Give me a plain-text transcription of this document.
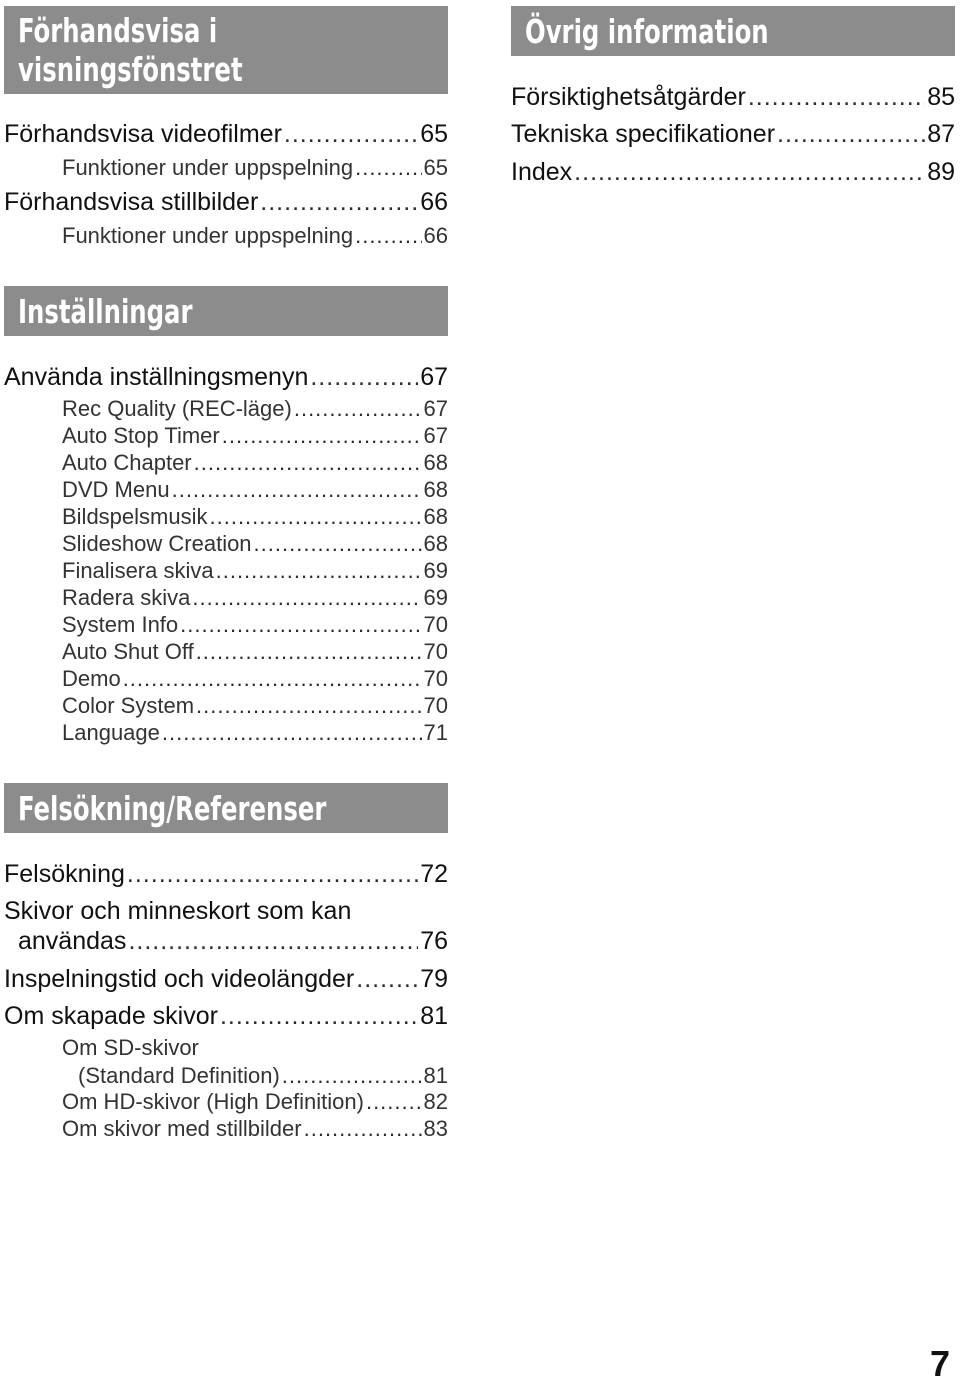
Förhandsvisa i
visningsfönstret
Förhandsvisa videofilmer .....	65
Funktioner under uppspelning .....	65
Förhandsvisa stillbilder .....	66
Funktioner under uppspelning .....	66
Inställningar
Använda inställningsmenyn .....	67
Rec Quality (REC-läge) .....	67
Auto Stop Timer .....	67
Auto Chapter .....	68
DVD Menu .....	68
Bildspelsmusik .....	68
Slideshow Creation .....	68
Finalisera skiva .....	69
Radera skiva .....	69
System Info .....	70
Auto Shut Off .....	70
Demo .....	70
Color System .....	70
Language .....	71
Felsökning/Referenser
Felsökning .....	72
Skivor och minneskort som kan
användas .....	76
Inspelningstid och videolängder .....	79
Om skapade skivor .....	81
Om SD-skivor
(Standard Definition) .....	81
Om HD-skivor (High Definition) .....	82
Om skivor med stillbilder .....	83
Övrig information
Försiktighetsåtgärder .....	85
Tekniska specifikationer .....	87
Index .....	89
7
